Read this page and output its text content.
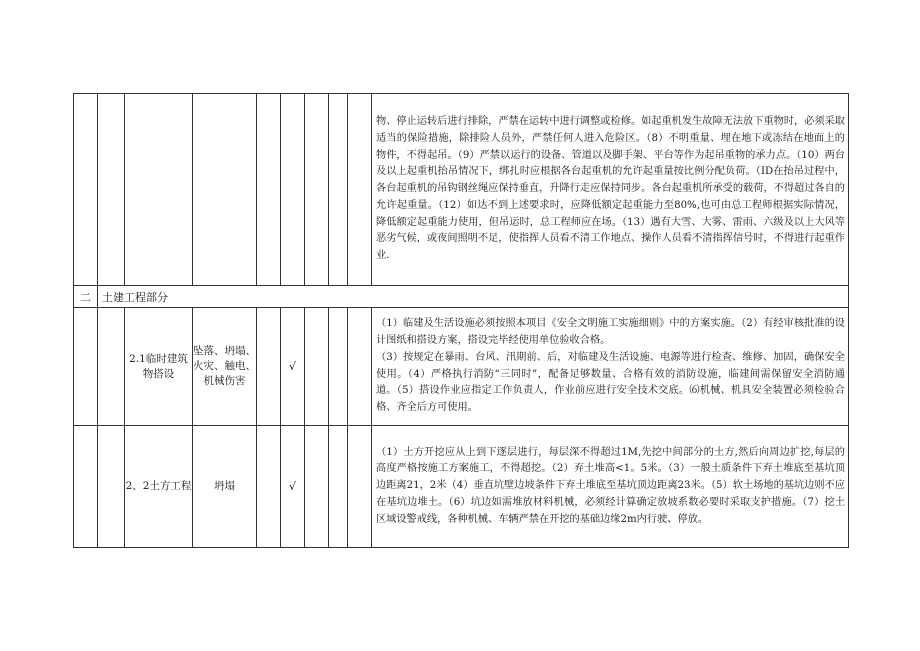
									物、停止运转后进行排除，严禁在运转中进行调整或检修。如起重机发生故障无法放下重物时，必须采取适当的保险措施，除排险人员外，严禁任何人进入危险区。（8）不明重量、埋在地下或冻结在地面上的物件，不得起吊。（9）严禁以运行的设备、管道以及脚手架、平台等作为起吊重物的承力点。（10）两台及以上起重机抬吊情况下，绑扎时应根据各台起重机的允许起重量按比例分配负荷。（ID在抬吊过程中，各台起重机的吊钩钢丝绳应保持垂直，升降行走应保持同步。各台起重机所承受的载荷，不得超过各自的允许起重量。（12）如达不到上述要求时，应降低额定起重能力至80%,也可由总工程师根据实际情况，降低额定起重能力使用，但吊运时，总工程师应在场。（13）遇有大雪、大雾、雷雨、六级及以上大风等恶劣气候，或夜间照明不足，使指挥人员看不清工作地点、操作人员看不清指挥信号时，不得进行起重作业.

二	土建工程部分								
		2.1临时建筑物搭设	坠落、坍塌、火灾、触电、机械伤害		√				（1）临建及生活设施必须按照本项目《安全文明施工实施细则》中的方案实施。（2）有经审核批准的设计图纸和搭设方案，搭设完毕经使用单位验收合格。

（3）按规定在暴雨、台风、汛期前、后，对临建及生活设施、电源等进行检查、维修、加固，确保安全使用。（4）严格执行消防“三同时”，配备足够数量、合格有效的消防设施，临建间需保留安全消防通道。（5）搭设作业应指定工作负责人，作业前应进行安全技术交底。⑹机械、机具安全装置必须检验合格、齐全后方可使用。

		2、2土方工程	坍塌		√				（1）土方开挖应从上到下逐层进行，每层深不得超过1M,先挖中间部分的土方,然后向周边扩挖,每层的高度严格按施工方案施工，不得超挖。（2）弃土堆高<1。5米。（3）一般土质条件下弃土堆底至基坑顶边距离21，2米（4）垂直坑壁边坡条件下弃土堆底至基坑顶边距离23米。（5）软土场地的基坑边则不应在基坑边堆土。（6）坑边如需堆放材料机械，必须经计算确定放坡系数必要时采取支护措施。（7）挖土区域设警戒线，各种机械、车辆严禁在开挖的基础边缘2m内行驶、停放。
